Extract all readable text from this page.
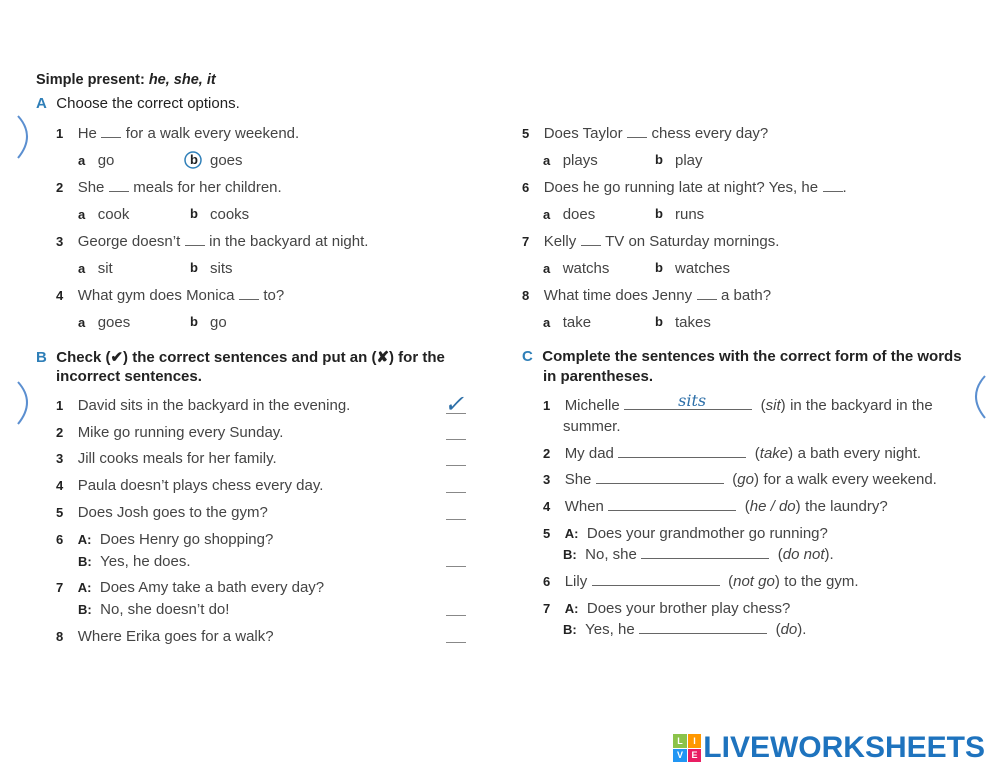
Simple present: he, she, it
A Choose the correct options.
1 He for a walk every weekend.
a go	b goes
2 She meals for her children.
a cook	b cooks
3 George doesn’t in the backyard at night.
a sit	b sits
4 What gym does Monica to?
a goes	b go
5 Does Taylor chess every day?
a plays	b play
6 Does he go running late at night? Yes, he .
a does	b runs
7 Kelly TV on Saturday mornings.
a watchs	b watches
8 What time does Jenny a bath?
a take	b takes
B Check (✔) the correct sentences and put an (✘) for the
incorrect sentences.
1 David sits in the backyard in the evening.	✓
2 Mike go running every Sunday.
3 Jill cooks meals for her family.
4 Paula doesn’t plays chess every day.
5 Does Josh goes to the gym?
6 A: Does Henry go shopping?
B: Yes, he does.
7 A: Does Amy take a bath every day?
B: No, she doesn’t do!
8 Where Erika goes for a walk?
C Complete the sentences with the correct form of the words
in parentheses.
1 Michelle	sits	(sit) in the backyard in the
summer.
2 My dad	(take) a bath every night.
3 She	(go) for a walk every weekend.
4 When	(he / do) the laundry?
5 A: Does your grandmother go running?
B: No, she	(do not).
6 Lily	(not go) to the gym.
7 A: Does your brother play chess?
B: Yes, he	(do).
L	I
V E LIVEWORKSHEETS
